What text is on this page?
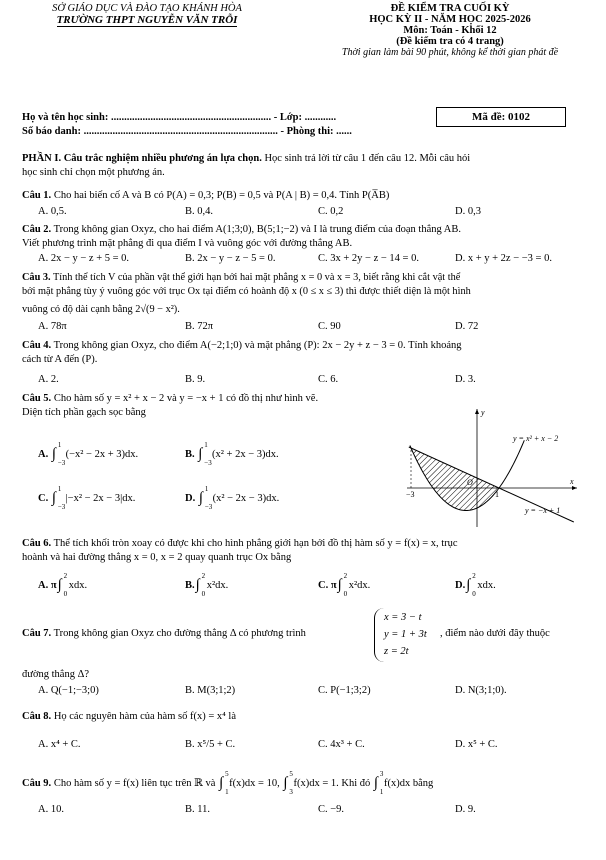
SỞ GIÁO DỤC VÀ ĐÀO TẠO KHÁNH HÒA
TRƯỜNG THPT NGUYỄN VĂN TRỖI
ĐỀ KIỂM TRA CUỐI KỲ
HỌC KỲ II - NĂM HỌC 2025-2026
Môn: Toán - Khối 12
(Đề kiểm tra có 4 trang)
Thời gian làm bài 90 phút, không kể thời gian phát đề
Họ và tên học sinh: ............................................................. - Lớp: ............
Số báo danh: .......................................................................... - Phòng thi: ......
Mã đề: 0102
PHẦN I. Câu trắc nghiệm nhiều phương án lựa chọn. Học sinh trả lời từ câu 1 đến câu 12. Mỗi câu hỏi
học sinh chỉ chọn một phương án.
Câu 1. Cho hai biến cố A và B có P(A) = 0,3; P(B) = 0,5 và P(A | B) = 0,4. Tính P(A̅B)
A. 0,5.	B. 0,4.	C. 0,2	D. 0,3
Câu 2. Trong không gian Oxyz, cho hai điểm A(1;3;0), B(5;1;−2) và I là trung điểm của đoạn thẳng AB.
Viết phương trình mặt phẳng đi qua điểm I và vuông góc với đường thẳng AB.
A. 2x − y − z + 5 = 0.	B. 2x − y − z − 5 = 0.	C. 3x + 2y − z − 14 = 0.	D. x + y + 2z − −3 = 0.
Câu 3. Tính thể tích V của phần vật thể giới hạn bởi hai mặt phẳng x = 0 và x = 3, biết rằng khi cắt vật thể
bởi mặt phẳng tùy ý vuông góc với trục Ox tại điểm có hoành độ x (0 ≤ x ≤ 3) thì được thiết diện là một hình
vuông có độ dài cạnh bằng 2√(9 − x²).
A. 78π	B. 72π	C. 90	D. 72
Câu 4. Trong không gian Oxyz, cho điểm A(−2;1;0) và mặt phẳng (P): 2x − 2y + z − 3 = 0. Tính khoảng
cách từ A đến (P).
A. 2.	B. 9.	C. 6.	D. 3.
Câu 5. Cho hàm số y = x² + x − 2 và y = −x + 1 có đồ thị như hình vẽ.
Diện tích phần gạch sọc bằng
A. ∫
1
−3
(−x² − 2x + 3)dx.	B. ∫
1
−3
(x² + 2x − 3)dx.
C. ∫
1
−3
|−x² − 2x − 3|dx.	D. ∫
1
−3
(x² − 2x − 3)dx.
y = x² + x − 2
y = −x + 1
y
x
−3	1
O
Câu 6. Thể tích khối tròn xoay có được khi cho hình phẳng giới hạn bởi đồ thị hàm số y = f(x) = x, trục
hoành và hai đường thẳng x = 0, x = 2 quay quanh trục Ox bằng
A. π∫
2
0
xdx.	B.∫
2
0
x²dx.	C. π∫
2
0
x²dx.	D.∫
2
0
xdx.
Câu 7. Trong không gian Oxyz cho đường thẳng Δ có phương trình
x = 3 − t
y = 1 + 3t
z = 2t
, điểm nào dưới đây thuộc
đường thẳng Δ?
A. Q(−1;−3;0)	B. M(3;1;2)	C. P(−1;3;2)	D. N(3;1;0).
Câu 8. Họ các nguyên hàm của hàm số f(x) = x⁴ là
A. x⁴ + C.	B. x⁵/5 + C.	C. 4x³ + C.	D. x⁵ + C.
Câu 9. Cho hàm số y = f(x) liên tục trên ℝ và ∫
5
1
f(x)dx = 10, ∫
5
3
f(x)dx = 1. Khi đó ∫
3
1
f(x)dx bằng
A. 10.	B. 11.	C. −9.	D. 9.
